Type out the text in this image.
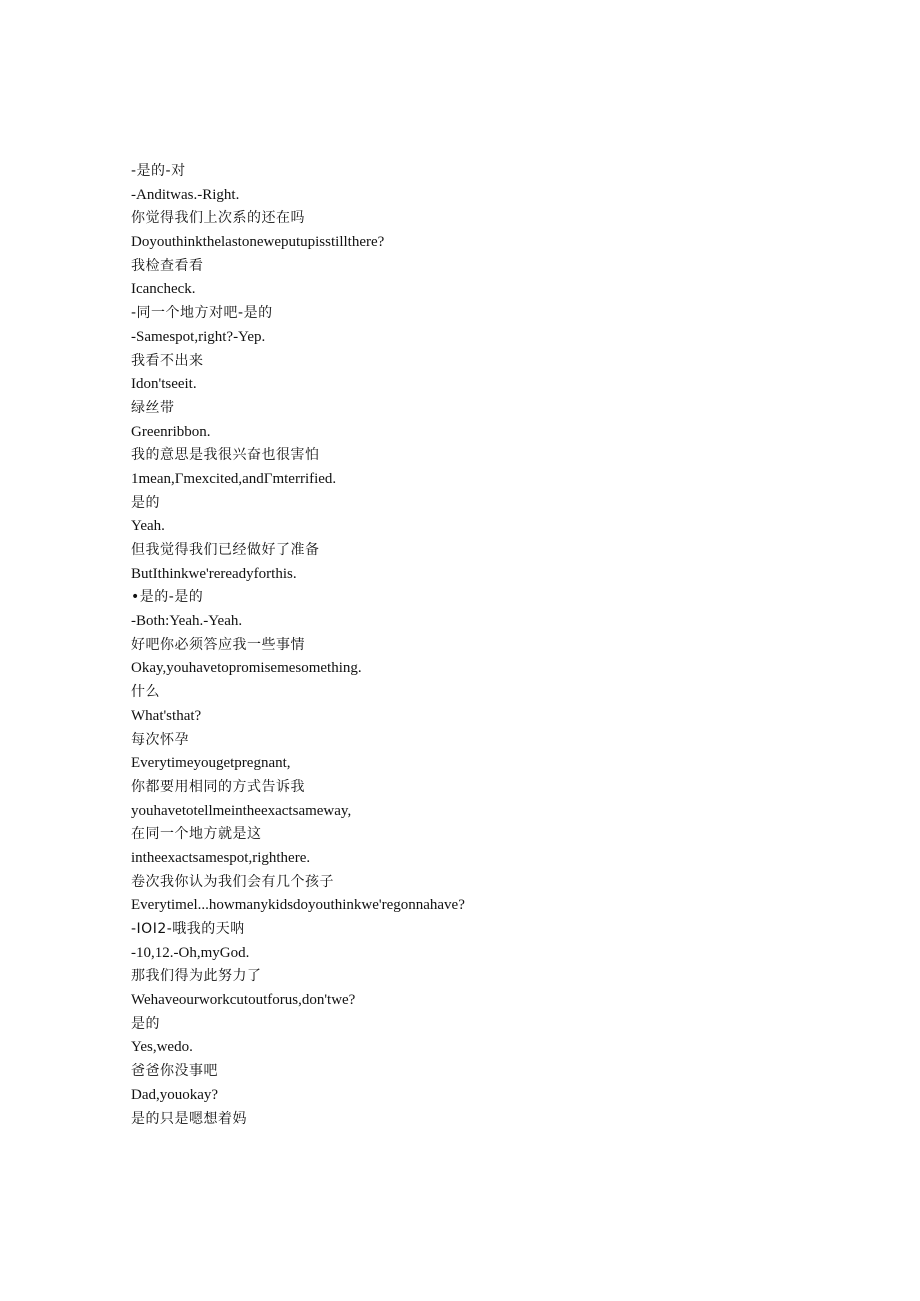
-是的-对
-Anditwas.-Right.
你觉得我们上次系的还在吗
Doyouthinkthelastoneweputupisstillthere?
我检查看看
Icancheck.
-同一个地方对吧-是的
-Samespot,right?-Yep.
我看不出来
Idon'tseeit.
绿丝带
Greenribbon.
我的意思是我很兴奋也很害怕
1mean,Γmexcited,andΓmterrified.
是的
Yeah.
但我觉得我们已经做好了准备
ButIthinkwe'rereadyforthis.
•是的-是的
-Both:Yeah.-Yeah.
好吧你必须答应我一些事情
Okay,youhavetopromisemesomething.
什么
What'sthat?
每次怀孕
Everytimeyougetpregnant,
你都要用相同的方式告诉我
youhavetotellmeintheexactsameway,
在同一个地方就是这
intheexactsamespot,righthere.
卷次我你认为我们会有几个孩子
Everytimel...howmanykidsdoyouthinkwe'regonnahave?
-IOI2-哦我的天呐
-10,12.-Oh,myGod.
那我们得为此努力了
Wehaveourworkcutoutforus,don'twe?
是的
Yes,wedo.
爸爸你没事吧
Dad,youokay?
是的只是嗯想着妈
